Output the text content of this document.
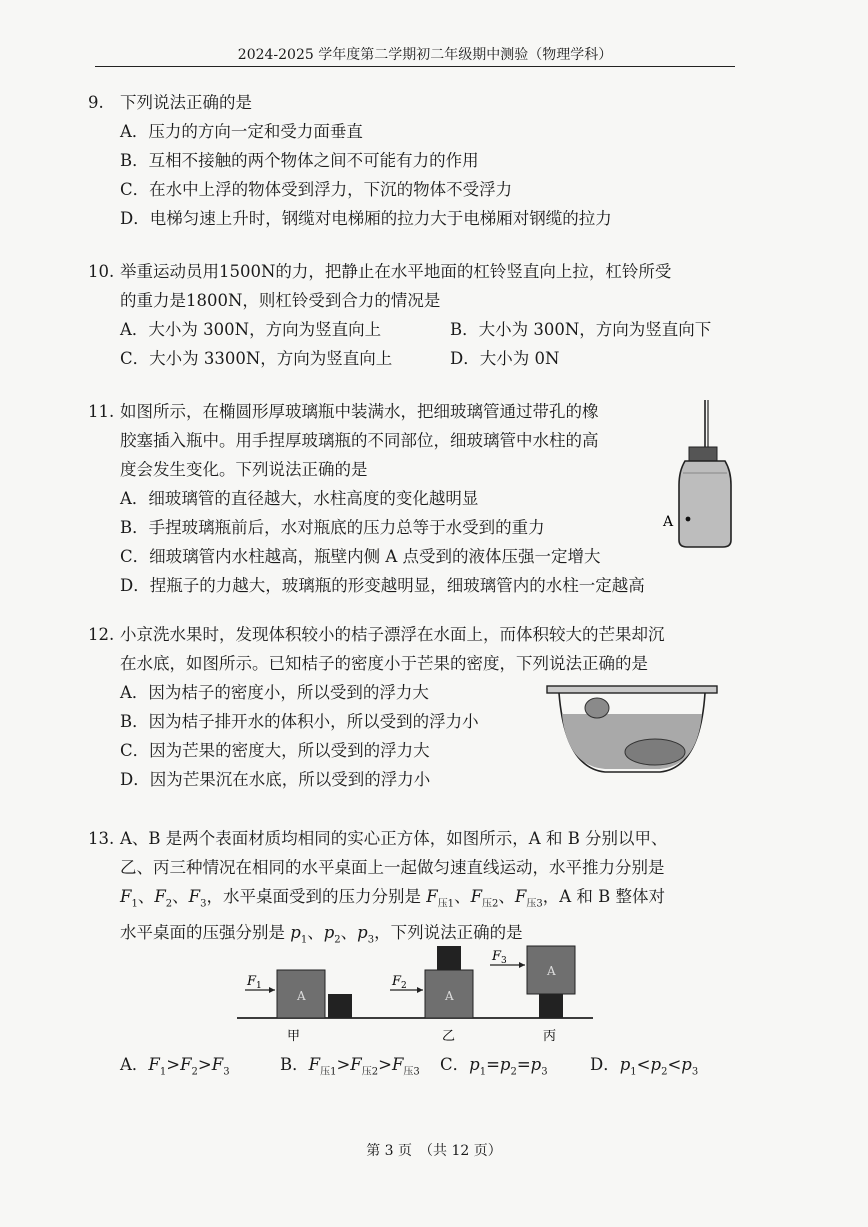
2024-2025 学年度第二学期初二年级期中测验（物理学科）
9. 下列说法正确的是
A．压力的方向一定和受力面垂直
B．互相不接触的两个物体之间不可能有力的作用
C．在水中上浮的物体受到浮力，下沉的物体不受浮力
D．电梯匀速上升时，钢缆对电梯厢的拉力大于电梯厢对钢缆的拉力
10. 举重运动员用1500N的力，把静止在水平地面的杠铃竖直向上拉，杠铃所受
的重力是1800N，则杠铃受到合力的情况是
A．大小为 300N，方向为竖直向上	B．大小为 300N，方向为竖直向下
C．大小为 3300N，方向为竖直向上	D．大小为 0N
11. 如图所示，在椭圆形厚玻璃瓶中装满水，把细玻璃管通过带孔的橡
胶塞插入瓶中。用手捏厚玻璃瓶的不同部位，细玻璃管中水柱的高
度会发生变化。下列说法正确的是
A．细玻璃管的直径越大，水柱高度的变化越明显
B．手捏玻璃瓶前后，水对瓶底的压力总等于水受到的重力
C．细玻璃管内水柱越高，瓶壁内侧 A 点受到的液体压强一定增大
D．捏瓶子的力越大，玻璃瓶的形变越明显，细玻璃管内的水柱一定越高
A
12. 小京洗水果时，发现体积较小的桔子漂浮在水面上，而体积较大的芒果却沉
在水底，如图所示。已知桔子的密度小于芒果的密度，下列说法正确的是
A．因为桔子的密度小，所以受到的浮力大
B．因为桔子排开水的体积小，所以受到的浮力小
C．因为芒果的密度大，所以受到的浮力大
D．因为芒果沉在水底，所以受到的浮力小
13. A、B 是两个表面材质均相同的实心正方体，如图所示，A 和 B 分别以甲、
乙、丙三种情况在相同的水平桌面上一起做匀速直线运动，水平推力分别是
$F_1$、$F_2$、$F_3$，水平桌面受到的压力分别是 $F_{压1}$、$F_{压2}$、$F_{压3}$，A 和 B 整体对
水平桌面的压强分别是 $p_1$、$p_2$、$p_3$，下列说法正确的是
A
F 1
A
F 2
A
F 3
甲	乙	丙
A．$F_1>F_2>F_3$	B．$F_{压1}>F_{压2}>F_{压3}$	C．$p_1=p_2=p_3$	D．$p_1<p_2<p_3$
第 3 页　（共 12 页）
